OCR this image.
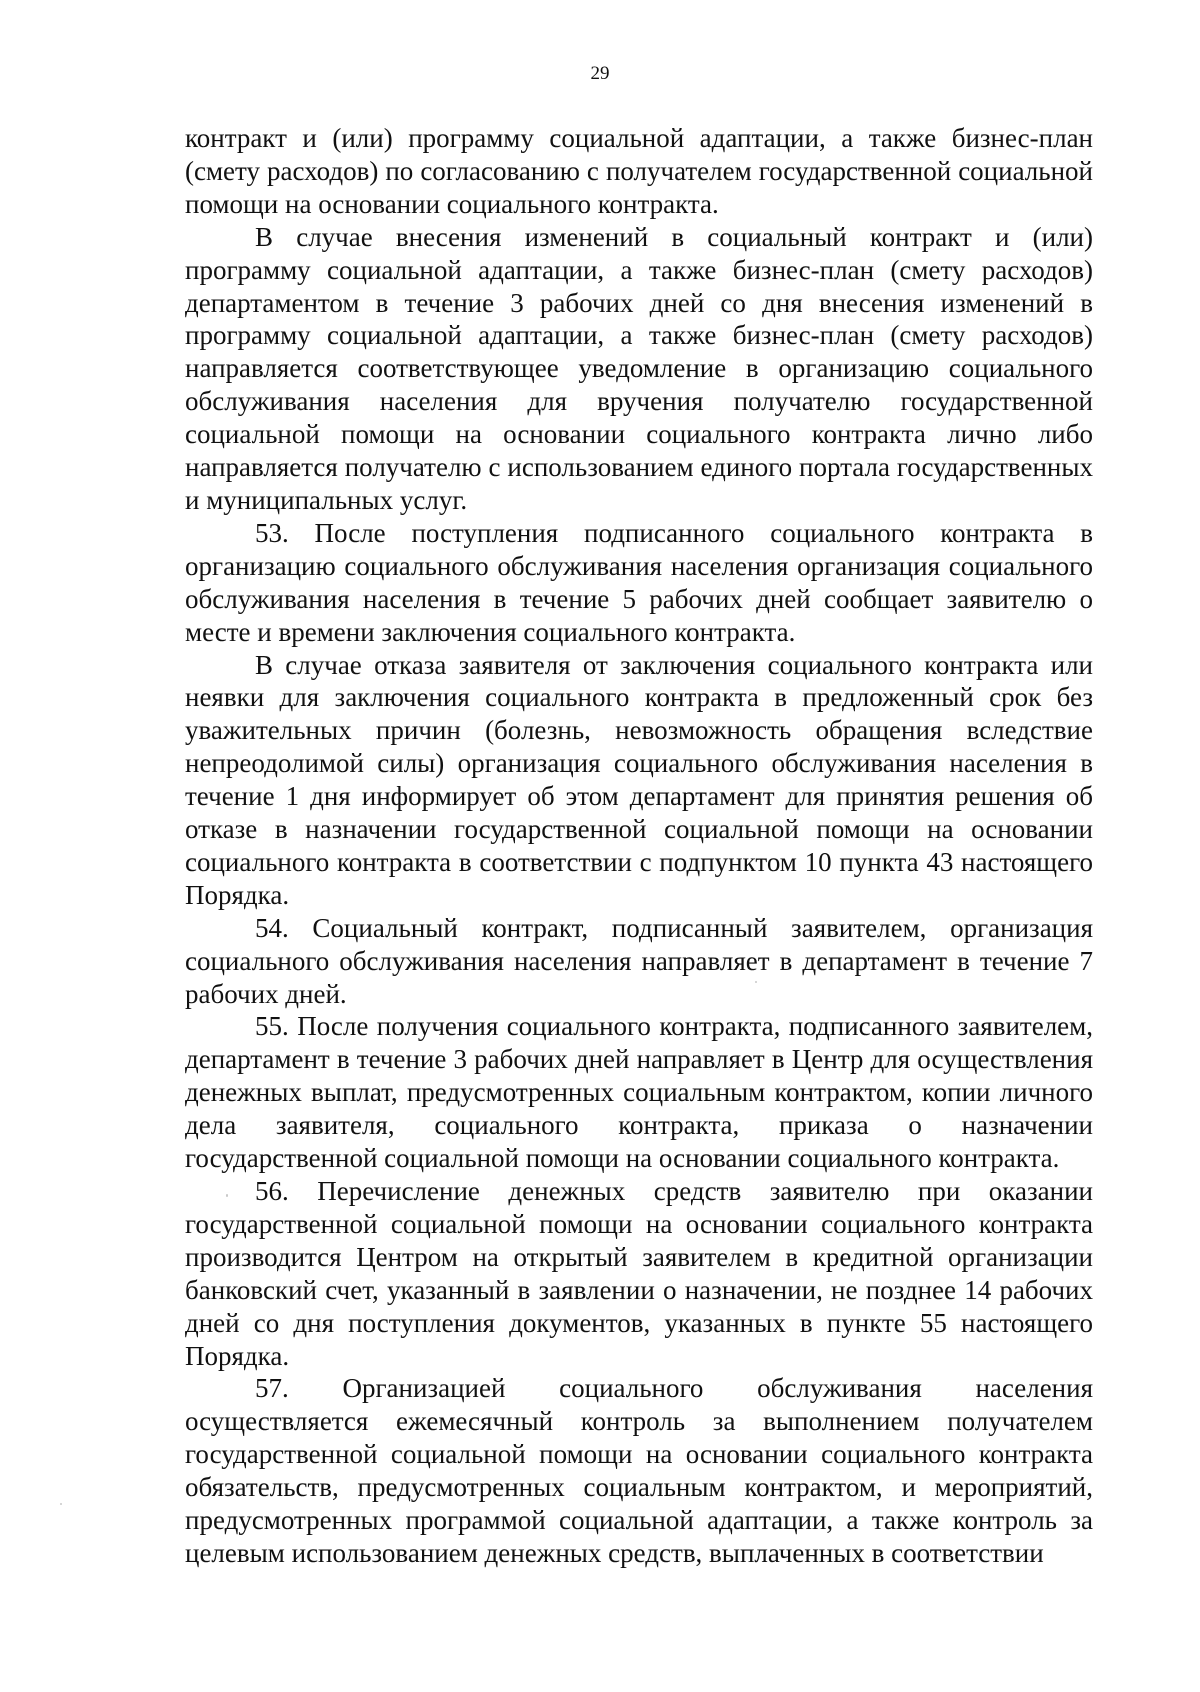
29

контракт и (или) программу социальной адаптации, а также бизнес-план (смету расходов) по согласованию с получателем государственной социальной помощи на основании социального контракта.

В случае внесения изменений в социальный контракт и (или) программу социальной адаптации, а также бизнес-план (смету расходов) департаментом в течение 3 рабочих дней со дня внесения изменений в программу социальной адаптации, а также бизнес-план (смету расходов) направляется соответствующее уведомление в организацию социального обслуживания населения для вручения получателю государственной социальной помощи на основании социального контракта лично либо направляется получателю с использованием единого портала государственных и муниципальных услуг.

53. После поступления подписанного социального контракта в организацию социального обслуживания населения организация социального обслуживания населения в течение 5 рабочих дней сообщает заявителю о месте и времени заключения социального контракта.

В случае отказа заявителя от заключения социального контракта или неявки для заключения социального контракта в предложенный срок без уважительных причин (болезнь, невозможность обращения вследствие непреодолимой силы) организация социального обслуживания населения в течение 1 дня информирует об этом департамент для принятия решения об отказе в назначении государственной социальной помощи на основании социального контракта в соответствии с подпунктом 10 пункта 43 настоящего Порядка.

54. Социальный контракт, подписанный заявителем, организация социального обслуживания населения направляет в департамент в течение 7 рабочих дней.

55. После получения социального контракта, подписанного заявителем, департамент в течение 3 рабочих дней направляет в Центр для осуществления денежных выплат, предусмотренных социальным контрактом, копии личного дела заявителя, социального контракта, приказа о назначении государственной социальной помощи на основании социального контракта.

56. Перечисление денежных средств заявителю при оказании государственной социальной помощи на основании социального контракта производится Центром на открытый заявителем в кредитной организации банковский счет, указанный в заявлении о назначении, не позднее 14 рабочих дней со дня поступления документов, указанных в пункте 55 настоящего Порядка.

57. Организацией социального обслуживания населения осуществляется ежемесячный контроль за выполнением получателем государственной социальной помощи на основании социального контракта обязательств, предусмотренных социальным контрактом, и мероприятий, предусмотренных программой социальной адаптации, а также контроль за целевым использованием денежных средств, выплаченных в соответствии
